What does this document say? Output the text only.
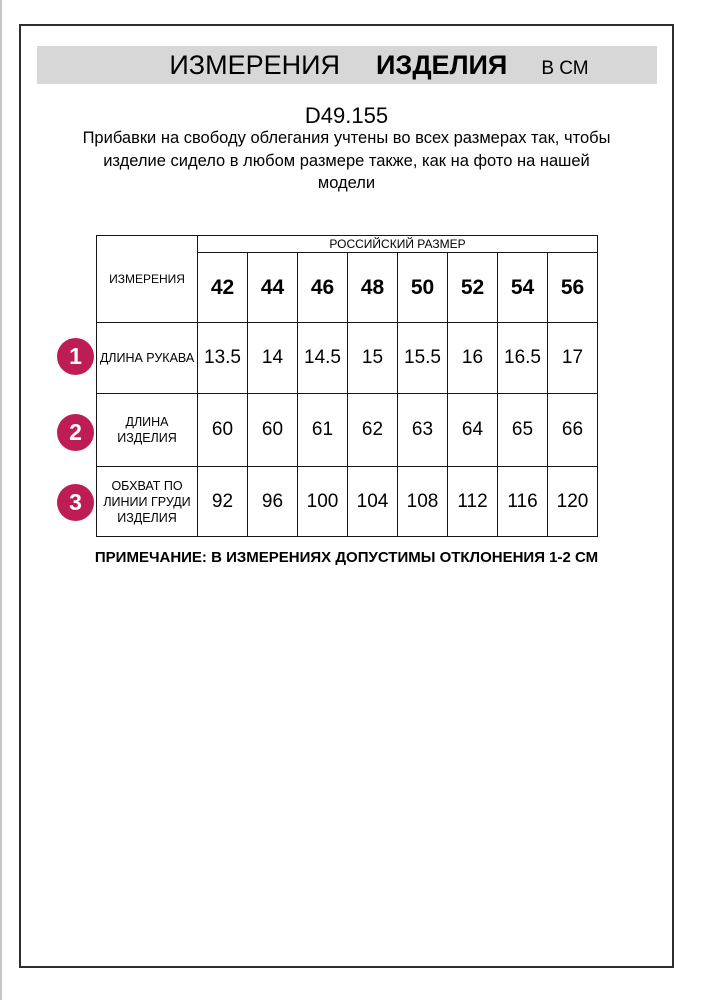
ИЗМЕРЕНИЯ ИЗДЕЛИЯ В СМ
D49.155
Прибавки на свободу облегания учтены во всех размерах так, чтобы
изделие сидело в любом размере также, как на фото на нашей
модели
ИЗМЕРЕНИЯ	РОССИЙСКИЙ РАЗМЕР							
	42	44	46	48	50	52	54	56
ДЛИНА РУКАВА	13.5	14	14.5	15	15.5	16	16.5	17
ДЛИНА ИЗДЕЛИЯ	60	60	61	62	63	64	65	66
ОБХВАТ ПО ЛИНИИ ГРУДИ ИЗДЕЛИЯ	92	96	100	104	108	112	116	120
1
2
3
ПРИМЕЧАНИЕ: В ИЗМЕРЕНИЯХ ДОПУСТИМЫ ОТКЛОНЕНИЯ 1-2 СМ
